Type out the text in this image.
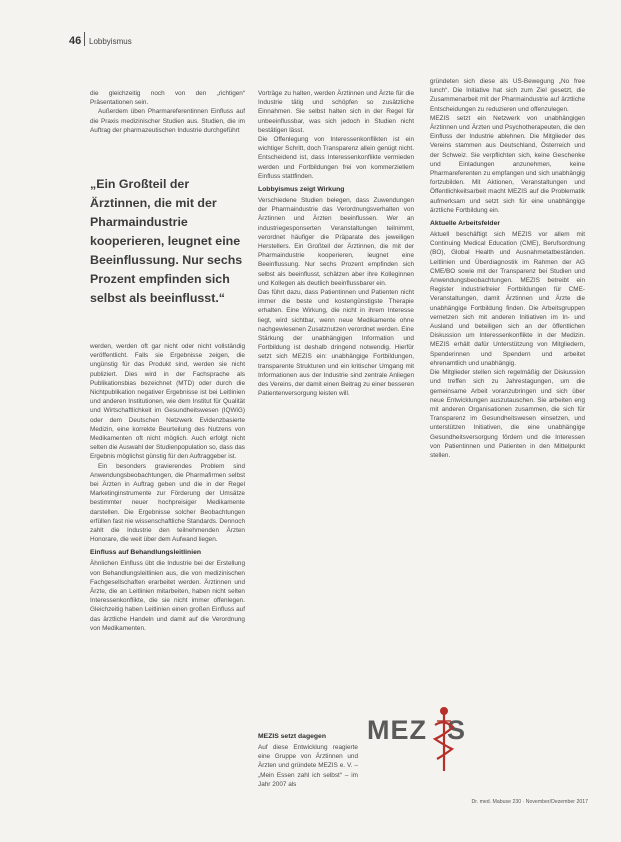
46 Lobbyismus

die gleichzeitig noch von den „richtigen“ Präsentationen sein.

Außerdem üben Pharmareferentinnen Einfluss auf die Praxis medizinischer Studien aus. Studien, die im Auftrag der pharmazeutischen Industrie durchgeführt

„Ein Großteil der Ärztinnen, die mit der Pharmaindustrie kooperieren, leugnet eine Beeinflussung. Nur sechs Prozent empfinden sich selbst als beeinflusst.“

werden, werden oft gar nicht oder nicht vollständig veröffentlicht. Falls sie Ergebnisse zeigen, die ungünstig für das Produkt sind, werden sie nicht publiziert. Dies wird in der Fachsprache als Publikationsbias bezeichnet (MTD) oder durch die Nichtpublikation negativer Ergebnisse ist bei Leitlinien und anderen Institutionen, wie dem Institut für Qualität und Wirtschaftlichkeit im Gesundheitswesen (IQWiG) oder dem Deutschen Netzwerk Evidenzbasierte Medizin, eine korrekte Beurteilung des Nutzens von Medikamenten oft nicht möglich. Auch erfolgt nicht selten die Auswahl der Studienpopulation so, dass das Ergebnis möglichst günstig für den Auftraggeber ist.

Ein besonders gravierendes Problem sind Anwendungsbeobachtungen, die Pharmafirmen selbst bei Ärzten in Auftrag geben und die in der Regel Marketinginstrumente zur Förderung der Umsätze bestimmter neuer hochpreisiger Medikamente darstellen. Die Ergebnisse solcher Beobachtungen erfüllen fast nie wissenschaftliche Standards. Dennoch zahlt die Industrie den teilnehmenden Ärzten Honorare, die weit über dem Aufwand liegen.

Einfluss auf Behandlungsleitlinien

Ähnlichen Einfluss übt die Industrie bei der Erstellung von Behandlungsleitlinien aus, die von medizinischen Fachgesellschaften erarbeitet werden. Ärztinnen und Ärzte, die an Leitlinien mitarbeiten, haben nicht selten Interessenkonflikte, die sie nicht immer offenlegen. Gleichzeitig haben Leitlinien einen großen Einfluss auf das ärztliche Handeln und damit auf die Verordnung von Medikamenten.

Vorträge zu halten, werden Ärztinnen und Ärzte für die Industrie tätig und schöpfen so zusätzliche Einnahmen. Sie selbst halten sich in der Regel für unbeeinflussbar, was sich jedoch in Studien nicht bestätigen lässt.
Die Offenlegung von Interessenkonflikten ist ein wichtiger Schritt, doch Transparenz allein genügt nicht. Entscheidend ist, dass Interessenkonflikte vermieden werden und Fortbildungen frei von kommerziellem Einfluss stattfinden.

Lobbyismus zeigt Wirkung

Verschiedene Studien belegen, dass Zuwendungen der Pharmaindustrie das Verordnungsverhalten von Ärztinnen und Ärzten beeinflussen. Wer an industriegesponserten Veranstaltungen teilnimmt, verordnet häufiger die Präparate des jeweiligen Herstellers. Ein Großteil der Ärztinnen, die mit der Pharmaindustrie kooperieren, leugnet eine Beeinflussung. Nur sechs Prozent empfinden sich selbst als beeinflusst, schätzen aber ihre Kolleginnen und Kollegen als deutlich beeinflussbarer ein.
Das führt dazu, dass Patientinnen und Patienten nicht immer die beste und kostengünstigste Therapie erhalten. Eine Wirkung, die nicht in ihrem Interesse liegt, wird sichtbar, wenn neue Medikamente ohne nachgewiesenen Zusatznutzen verordnet werden. Eine Stärkung der unabhängigen Information und Fortbildung ist deshalb dringend notwendig. Hierfür setzt sich MEZIS ein: unabhängige Fortbildungen, transparente Strukturen und ein kritischer Umgang mit Informationen aus der Industrie sind zentrale Anliegen des Vereins, der damit einen Beitrag zu einer besseren Patientenversorgung leisten will.

MEZIS setzt dagegen

Auf diese Entwicklung reagierte eine Gruppe von Ärztinnen und Ärzten und gründete MEZIS e. V. – „Mein Essen zahl ich selbst“ – im Jahr 2007 als

gründeten sich diese als US-Bewegung „No free lunch“. Die Initiative hat sich zum Ziel gesetzt, die Zusammenarbeit mit der Pharmaindustrie auf ärztliche Entscheidungen zu reduzieren und offenzulegen.
MEZIS setzt ein Netzwerk von unabhängigen Ärztinnen und Ärzten und Psychotherapeuten, die den Einfluss der Industrie ablehnen. Die Mitglieder des Vereins stammen aus Deutschland, Österreich und der Schweiz. Sie verpflichten sich, keine Geschenke und Einladungen anzunehmen, keine Pharmareferenten zu empfangen und sich unabhängig fortzubilden. Mit Aktionen, Veranstaltungen und Öffentlichkeitsarbeit macht MEZIS auf die Problematik aufmerksam und setzt sich für eine unabhängige ärztliche Fortbildung ein.

Aktuelle Arbeitsfelder

Aktuell beschäftigt sich MEZIS vor allem mit Continuing Medical Education (CME), Berufsordnung (BO), Global Health und Ausnahmetatbeständen. Leitlinien und Überdiagnostik im Rahmen der AG CME/BO sowie mit der Transparenz bei Studien und Anwendungsbeobachtungen. MEZIS betreibt ein Register industriefreier Fortbildungen für CME-Veranstaltungen, damit Ärztinnen und Ärzte die unabhängige Fortbildung finden. Die Arbeitsgruppen vernetzen sich mit anderen Initiativen im In- und Ausland und beteiligen sich an der öffentlichen Diskussion um Interessenkonflikte in der Medizin. MEZIS erhält dafür Unterstützung von Mitgliedern, Spenderinnen und Spendern und arbeitet ehrenamtlich und unabhängig.
Die Mitglieder stellen sich regelmäßig der Diskussion und treffen sich zu Jahrestagungen, um die gemeinsame Arbeit voranzubringen und sich über neue Entwicklungen auszutauschen. Sie arbeiten eng mit anderen Organisationen zusammen, die sich für Transparenz im Gesundheitswesen einsetzen, und unterstützen Initiativen, die eine unabhängige Gesundheitsversorgung fördern und die Interessen von Patientinnen und Patienten in den Mittelpunkt stellen.

MEZ S
Dr. med. Mabuse 230 · November/Dezember 2017
